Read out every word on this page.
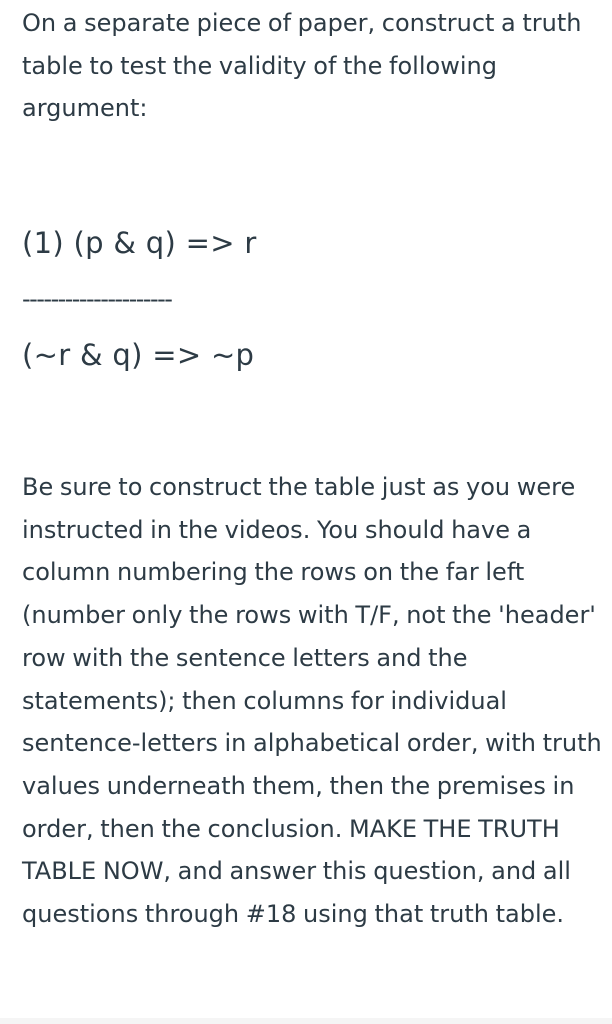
On a separate piece of paper, construct a truth table to test the validity of the following argument:

(1) (p & q) => r

---------------------

(~r & q) => ~p

Be sure to construct the table just as you were instructed in the videos. You should have a column numbering the rows on the far left (number only the rows with T/F, not the 'header' row with the sentence letters and the statements); then columns for individual sentence-letters in alphabetical order, with truth values underneath them, then the premises in order, then the conclusion. MAKE THE TRUTH TABLE NOW, and answer this question, and all questions through #18 using that truth table.
